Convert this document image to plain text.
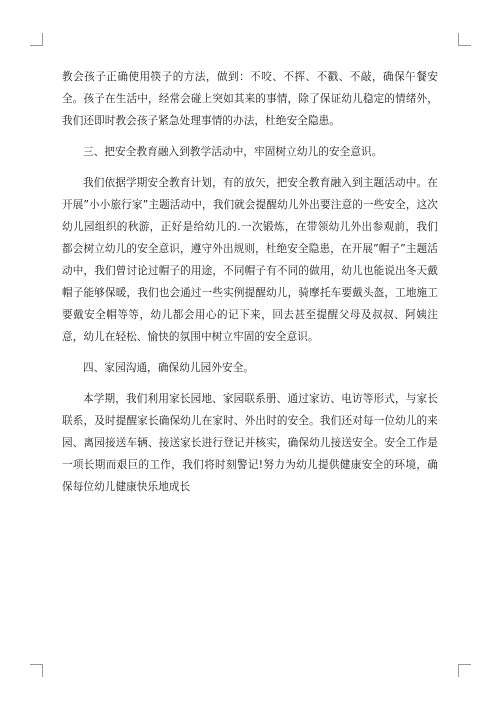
教会孩子正确使用筷子的方法，做到：不咬、不挥、不戳、不敲，确保午餐安全。孩子在生活中，经常会碰上突如其来的事情，除了保证幼儿稳定的情绪外，我们还即时教会孩子紧急处理事情的办法，杜绝安全隐患。

三、把安全教育融入到教学活动中，牢固树立幼儿的安全意识。

我们依据学期安全教育计划，有的放矢，把安全教育融入到主题活动中。在开展”小小旅行家”主题活动中，我们就会提醒幼儿外出要注意的一些安全，这次幼儿园组织的秋游，正好是给幼儿的.一次锻炼，在带领幼儿外出参观前，我们都会树立幼儿的安全意识，遵守外出规则，杜绝安全隐患，在开展”帽子”主题活动中，我们曾讨论过帽子的用途，不同帽子有不同的做用，幼儿也能说出冬天戴帽子能够保暖，我们也会通过一些实例提醒幼儿，骑摩托车要戴头盔，工地施工要戴安全帽等等，幼儿都会用心的记下来，回去甚至提醒父母及叔叔、阿姨注意，幼儿在轻松、愉快的氛围中树立牢固的安全意识。

四、家园沟通，确保幼儿园外安全。

本学期，我们利用家长园地、家园联系册、通过家访、电访等形式，与家长联系，及时提醒家长确保幼儿在家时、外出时的安全。我们还对每一位幼儿的来园、离园接送车辆、接送家长进行登记并核实，确保幼儿接送安全。安全工作是一项长期而艰巨的工作，我们将时刻警记!努力为幼儿提供健康安全的环境，确保每位幼儿健康快乐地成长
